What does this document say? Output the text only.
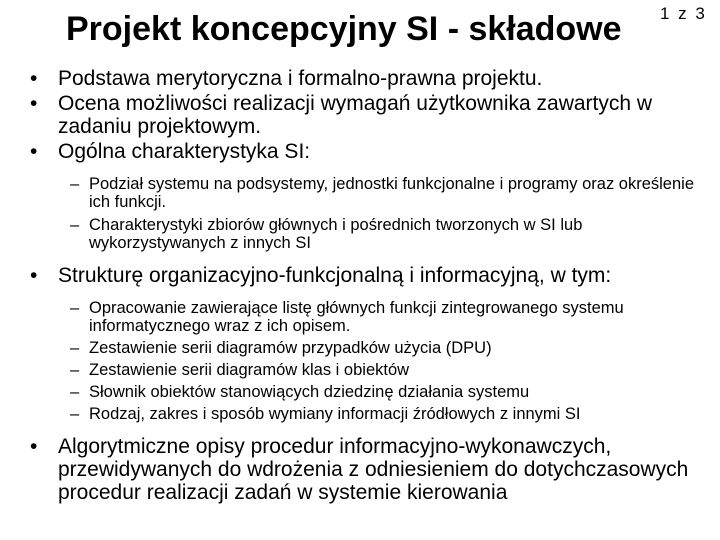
Projekt koncepcyjny SI - składowe 1 z 3
• Podstawa merytoryczna i formalno-prawna projektu.
• Ocena możliwości realizacji wymagań użytkownika zawartych w zadaniu projektowym.
• Ogólna charakterystyka SI:
– Podział systemu na podsystemy, jednostki funkcjonalne i programy oraz określenie ich funkcji.
– Charakterystyki zbiorów głównych i pośrednich tworzonych w SI lub wykorzystywanych z innych SI
• Strukturę organizacyjno-funkcjonalną i informacyjną, w tym:
– Opracowanie zawierające listę głównych funkcji zintegrowanego systemu informatycznego wraz z ich opisem.
– Zestawienie serii diagramów przypadków użycia (DPU)
– Zestawienie serii diagramów klas i obiektów
– Słownik obiektów stanowiących dziedzinę działania systemu
– Rodzaj, zakres i sposób wymiany informacji źródłowych z innymi SI
• Algorytmiczne opisy procedur informacyjno-wykonawczych, przewidywanych do wdrożenia z odniesieniem do dotychczasowych procedur realizacji zadań w systemie kierowania
